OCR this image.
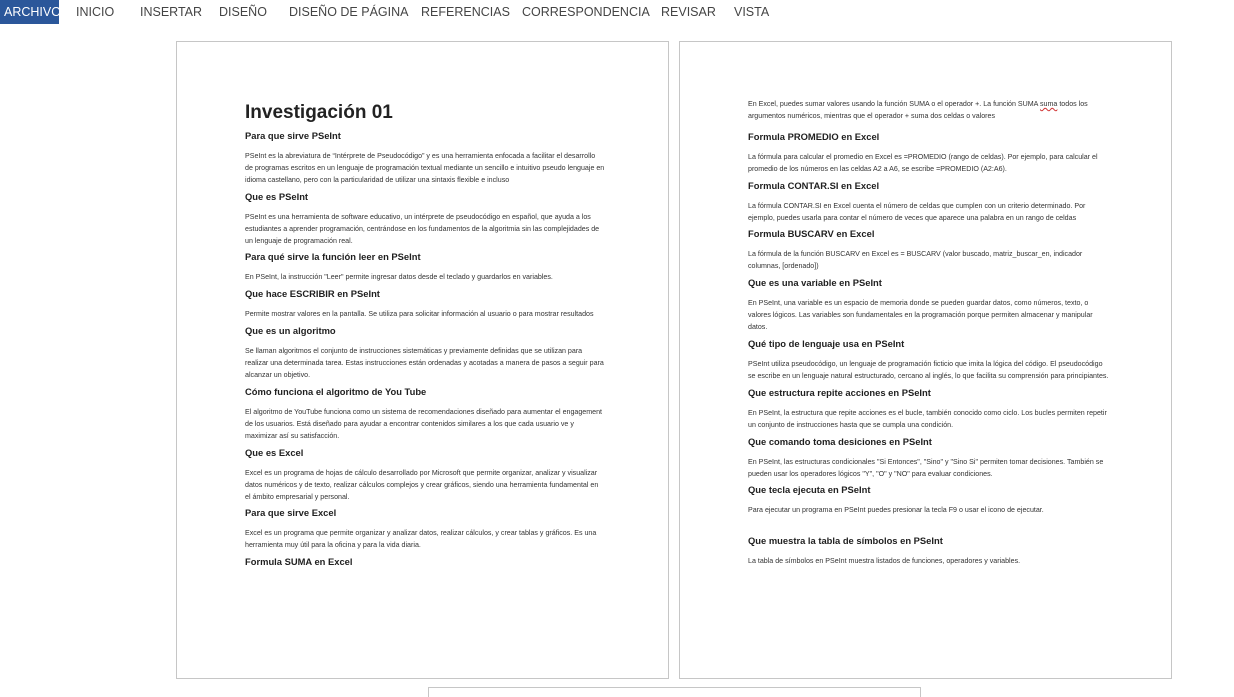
ARCHIVO INICIO INSERTAR DISEÑO DISEÑO DE PÁGINA REFERENCIAS CORRESPONDENCIA REVISAR VISTA
Investigación 01
Para que sirve PSeInt
PSeInt es la abreviatura de “Intérprete de Pseudocódigo” y es una herramienta enfocada a facilitar el desarrollo de programas escritos en un lenguaje de programación textual mediante un sencillo e intuitivo pseudo lenguaje en idioma castellano, pero con la particularidad de utilizar una sintaxis flexible e incluso
Que es PSeInt
PSeInt es una herramienta de software educativo, un intérprete de pseudocódigo en español, que ayuda a los estudiantes a aprender programación, centrándose en los fundamentos de la algoritmia sin las complejidades de un lenguaje de programación real.
Para qué sirve la función leer en PSeInt
En PSeInt, la instrucción "Leer" permite ingresar datos desde el teclado y guardarlos en variables.
Que hace ESCRIBIR en PSeInt
Permite mostrar valores en la pantalla. Se utiliza para solicitar información al usuario o para mostrar resultados
Que es un algoritmo
Se llaman algoritmos el conjunto de instrucciones sistemáticas y previamente definidas que se utilizan para realizar una determinada tarea. Estas instrucciones están ordenadas y acotadas a manera de pasos a seguir para alcanzar un objetivo.
Cómo funciona el algoritmo de You Tube
El algoritmo de YouTube funciona como un sistema de recomendaciones diseñado para aumentar el engagement de los usuarios. Está diseñado para ayudar a encontrar contenidos similares a los que cada usuario ve y maximizar así su satisfacción.
Que es Excel
Excel es un programa de hojas de cálculo desarrollado por Microsoft que permite organizar, analizar y visualizar datos numéricos y de texto, realizar cálculos complejos y crear gráficos, siendo una herramienta fundamental en el ámbito empresarial y personal.
Para que sirve Excel
Excel es un programa que permite organizar y analizar datos, realizar cálculos, y crear tablas y gráficos. Es una herramienta muy útil para la oficina y para la vida diaria.
Formula SUMA en Excel
En Excel, puedes sumar valores usando la función SUMA o el operador +. La función SUMA suma todos los argumentos numéricos, mientras que el operador + suma dos celdas o valores
Formula PROMEDIO en Excel
La fórmula para calcular el promedio en Excel es =PROMEDIO (rango de celdas). Por ejemplo, para calcular el promedio de los números en las celdas A2 a A6, se escribe =PROMEDIO (A2:A6).
Formula CONTAR.SI en Excel
La fórmula CONTAR.SI en Excel cuenta el número de celdas que cumplen con un criterio determinado. Por ejemplo, puedes usarla para contar el número de veces que aparece una palabra en un rango de celdas
Formula BUSCARV en Excel
La fórmula de la función BUSCARV en Excel es = BUSCARV (valor buscado, matriz_buscar_en, indicador columnas, [ordenado])
Que es una variable en PSeInt
En PSeInt, una variable es un espacio de memoria donde se pueden guardar datos, como números, texto, o valores lógicos. Las variables son fundamentales en la programación porque permiten almacenar y manipular datos.
Qué tipo de lenguaje usa en PSeInt
PSeInt utiliza pseudocódigo, un lenguaje de programación ficticio que imita la lógica del código. El pseudocódigo se escribe en un lenguaje natural estructurado, cercano al inglés, lo que facilita su comprensión para principiantes.
Que estructura repite acciones en PSeInt
En PSeInt, la estructura que repite acciones es el bucle, también conocido como ciclo. Los bucles permiten repetir un conjunto de instrucciones hasta que se cumpla una condición.
Que comando toma desiciones en PSeInt
En PSeInt, las estructuras condicionales "Si Entonces", "Sino" y "Sino Si" permiten tomar decisiones. También se pueden usar los operadores lógicos "Y", "O" y "NO" para evaluar condiciones.
Que tecla ejecuta en PSeInt
Para ejecutar un programa en PSeInt puedes presionar la tecla F9 o usar el icono de ejecutar.
Que muestra la tabla de símbolos en PSeInt
La tabla de símbolos en PSeInt muestra listados de funciones, operadores y variables.
